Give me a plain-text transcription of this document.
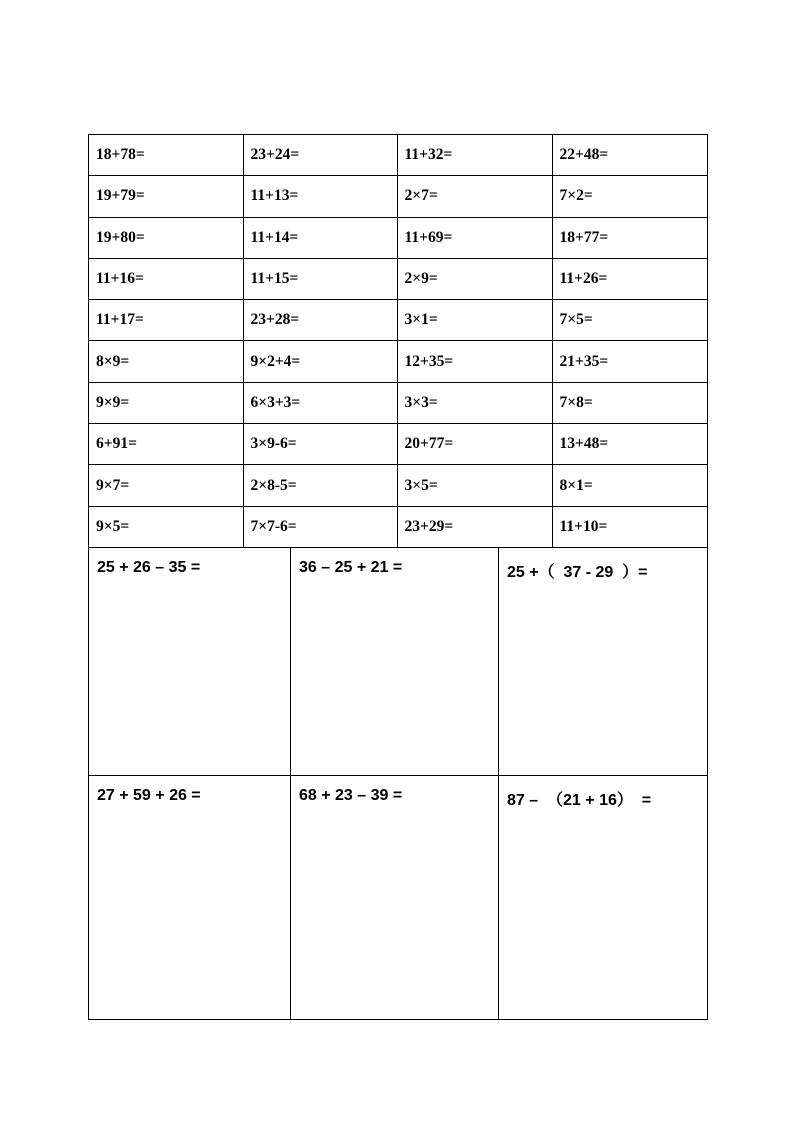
18+78=	23+24=	11+32=	22+48=
19+79=	11+13=	2×7=	7×2=
19+80=	11+14=	11+69=	18+77=
11+16=	11+15=	2×9=	11+26=
11+17=	23+28=	3×1=	7×5=
8×9=	9×2+4=	12+35=	21+35=
9×9=	6×3+3=	3×3=	7×8=
6+91=	3×9-6=	20+77=	13+48=
9×7=	2×8-5=	3×5=	8×1=
9×5=	7×7-6=	23+29=	11+10=
25 + 26 – 35 =	36 – 25 + 21 =	25 +（  37 - 29  ）=
27 + 59 + 26 =	68 + 23 – 39 =	87 –  （21 + 16）  =
